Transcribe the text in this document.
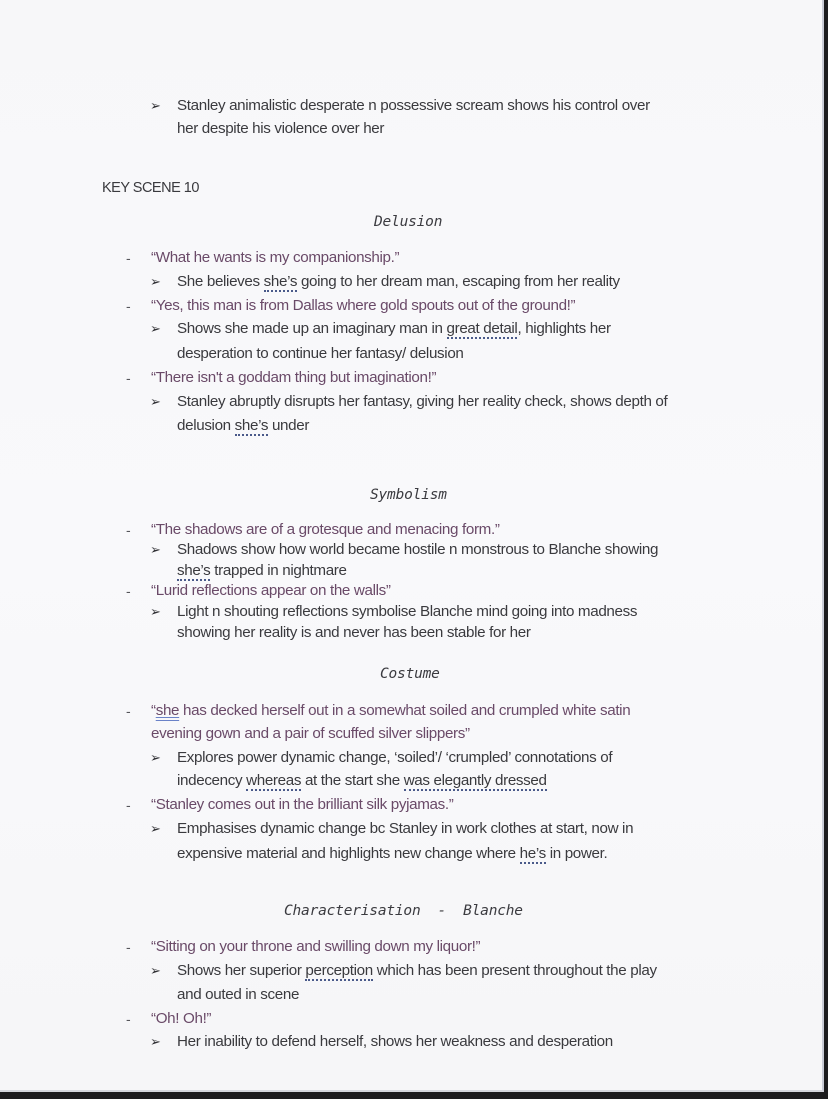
➢ Stanley animalistic desperate n possessive scream shows his control over
her despite his violence over her
KEY SCENE 10
Delusion
- “What he wants is my companionship.”
➢ She believes she’s going to her dream man, escaping from her reality
- “Yes, this man is from Dallas where gold spouts out of the ground!”
➢ Shows she made up an imaginary man in great detail, highlights her
desperation to continue her fantasy/ delusion
- “There isn't a goddam thing but imagination!”
➢ Stanley abruptly disrupts her fantasy, giving her reality check, shows depth of
delusion she’s under
Symbolism
- “The shadows are of a grotesque and menacing form.”
➢ Shadows show how world became hostile n monstrous to Blanche showing
she’s trapped in nightmare
- “Lurid reflections appear on the walls”
➢ Light n shouting reflections symbolise Blanche mind going into madness
showing her reality is and never has been stable for her
Costume
- “she has decked herself out in a somewhat soiled and crumpled white satin
evening gown and a pair of scuffed silver slippers”
➢ Explores power dynamic change, ‘soiled’/ ‘crumpled’ connotations of
indecency whereas at the start she was elegantly dressed
- “Stanley comes out in the brilliant silk pyjamas.”
➢ Emphasises dynamic change bc Stanley in work clothes at start, now in
expensive material and highlights new change where he’s in power.
Characterisation  -  Blanche
- “Sitting on your throne and swilling down my liquor!”
➢ Shows her superior perception which has been present throughout the play
and outed in scene
- “Oh! Oh!”
➢ Her inability to defend herself, shows her weakness and desperation
